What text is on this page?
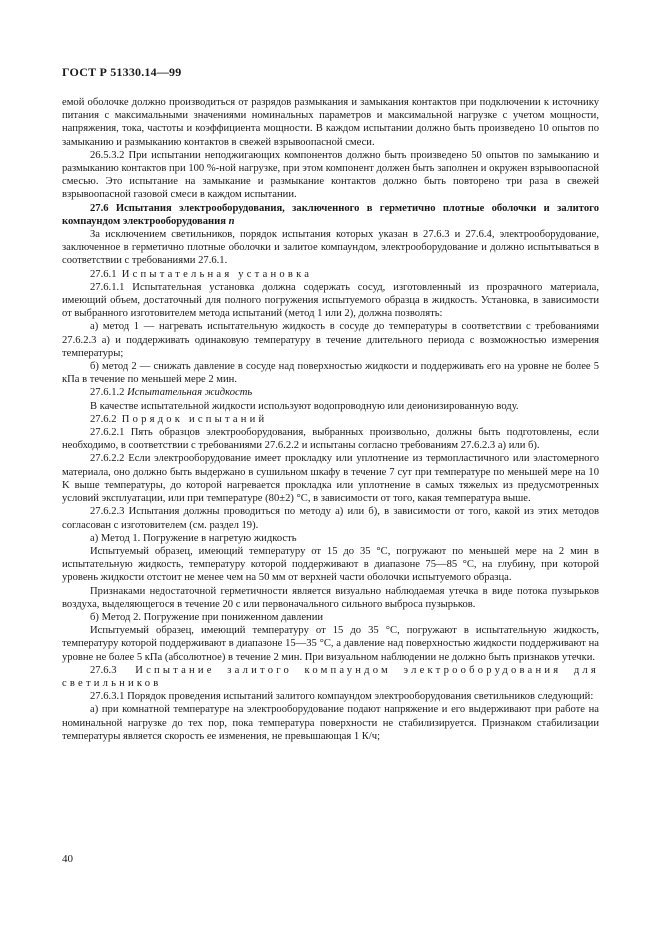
ГОСТ Р 51330.14—99

емой оболочке должно производиться от разрядов размыкания и замыкания контактов при подключении к источнику питания с максимальными значениями номинальных параметров и максимальной нагрузке с учетом мощности, напряжения, тока, частоты и коэффициента мощности. В каждом испытании должно быть произведено 10 опытов по замыканию и размыканию контактов в свежей взрывоопасной смеси.

26.5.3.2 При испытании неподжигающих компонентов должно быть произведено 50 опытов по замыканию и размыканию контактов при 100 %-ной нагрузке, при этом компонент должен быть заполнен и окружен взрывоопасной смесью. Это испытание на замыкание и размыкание контактов должно быть повторено три раза в свежей взрывоопасной газовой смеси в каждом испытании.

27.6 Испытания электрооборудования, заключенного в герметично плотные оболочки и залитого компаундом электрооборудования п

За исключением светильников, порядок испытания которых указан в 27.6.3 и 27.6.4, электрооборудование, заключенное в герметично плотные оболочки и залитое компаундом, электрооборудование и должно испытываться в соответствии с требованиями 27.6.1.

27.6.1 Испытательная установка

27.6.1.1 Испытательная установка должна содержать сосуд, изготовленный из прозрачного материала, имеющий объем, достаточный для полного погружения испытуемого образца в жидкость. Установка, в зависимости от выбранного изготовителем метода испытаний (метод 1 или 2), должна позволять:

а) метод 1 — нагревать испытательную жидкость в сосуде до температуры в соответствии с требованиями 27.6.2.3 а) и поддерживать одинаковую температуру в течение длительного периода с возможностью измерения температуры;

б) метод 2 — снижать давление в сосуде над поверхностью жидкости и поддерживать его на уровне не более 5 кПа в течение по меньшей мере 2 мин.

27.6.1.2 Испытательная жидкость

В качестве испытательной жидкости используют водопроводную или деионизированную воду.

27.6.2 Порядок испытаний

27.6.2.1 Пять образцов электрооборудования, выбранных произвольно, должны быть подготовлены, если необходимо, в соответствии с требованиями 27.6.2.2 и испытаны согласно требованиям 27.6.2.3 а) или б).

27.6.2.2 Если электрооборудование имеет прокладку или уплотнение из термопластичного или эластомерного материала, оно должно быть выдержано в сушильном шкафу в течение 7 сут при температуре по меньшей мере на 10 K выше температуры, до которой нагревается прокладка или уплотнение в самых тяжелых из предусмотренных условий эксплуатации, или при температуре (80±2) °С, в зависимости от того, какая температура выше.

27.6.2.3 Испытания должны проводиться по методу а) или б), в зависимости от того, какой из этих методов согласован с изготовителем (см. раздел 19).

а) Метод 1. Погружение в нагретую жидкость

Испытуемый образец, имеющий температуру от 15 до 35 °С, погружают по меньшей мере на 2 мин в испытательную жидкость, температуру которой поддерживают в диапазоне 75—85 °С, на глубину, при которой уровень жидкости отстоит не менее чем на 50 мм от верхней части оболочки испытуемого образца.

Признаками недостаточной герметичности является визуально наблюдаемая утечка в виде потока пузырьков воздуха, выделяющегося в течение 20 с или первоначального сильного выброса пузырьков.

б) Метод 2. Погружение при пониженном давлении

Испытуемый образец, имеющий температуру от 15 до 35 °С, погружают в испытательную жидкость, температуру которой поддерживают в диапазоне 15—35 °С, а давление над поверхностью жидкости поддерживают на уровне не более 5 кПа (абсолютное) в течение 2 мин. При визуальном наблюдении не должно быть признаков утечки.

27.6.3 Испытание залитого компаундом электрооборудования для светильников

27.6.3.1 Порядок проведения испытаний залитого компаундом электрооборудования светильников следующий:

а) при комнатной температуре на электрооборудование подают напряжение и его выдерживают при работе на номинальной нагрузке до тех пор, пока температура поверхности не стабилизируется. Признаком стабилизации температуры является скорость ее изменения, не превышающая 1 К/ч;

40
